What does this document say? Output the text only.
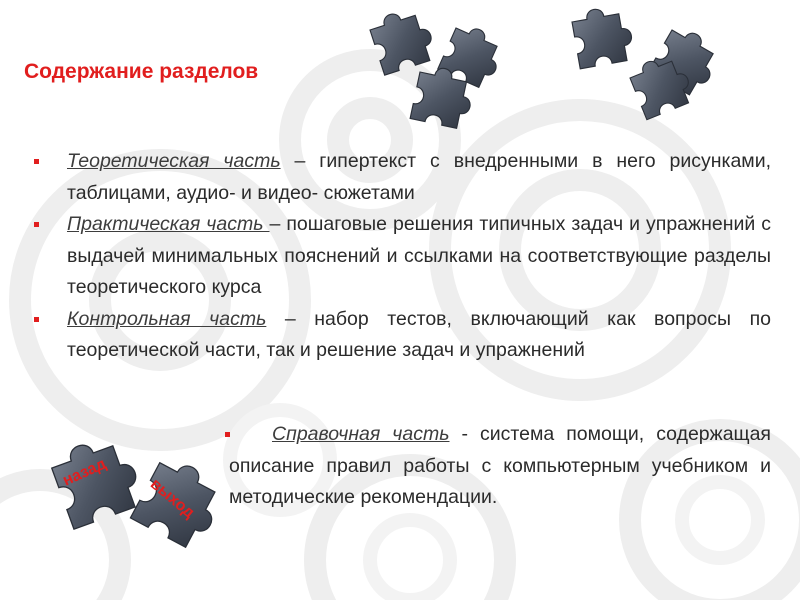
Содержание разделов
Теоретическая часть – гипертекст с внедренными в него рисунками, таблицами, аудио- и видео- сюжетами
Практическая часть – пошаговые решения типичных задач и упражнений с выдачей минимальных пояснений и ссылками на соответствующие разделы теоретического курса
Контрольная часть – набор тестов, включающий как вопросы по теоретической части, так и решение задач и упражнений
Справочная часть - система помощи, содержащая описание правил работы с компьютерным учебником и методические рекомендации.
назад
выход
